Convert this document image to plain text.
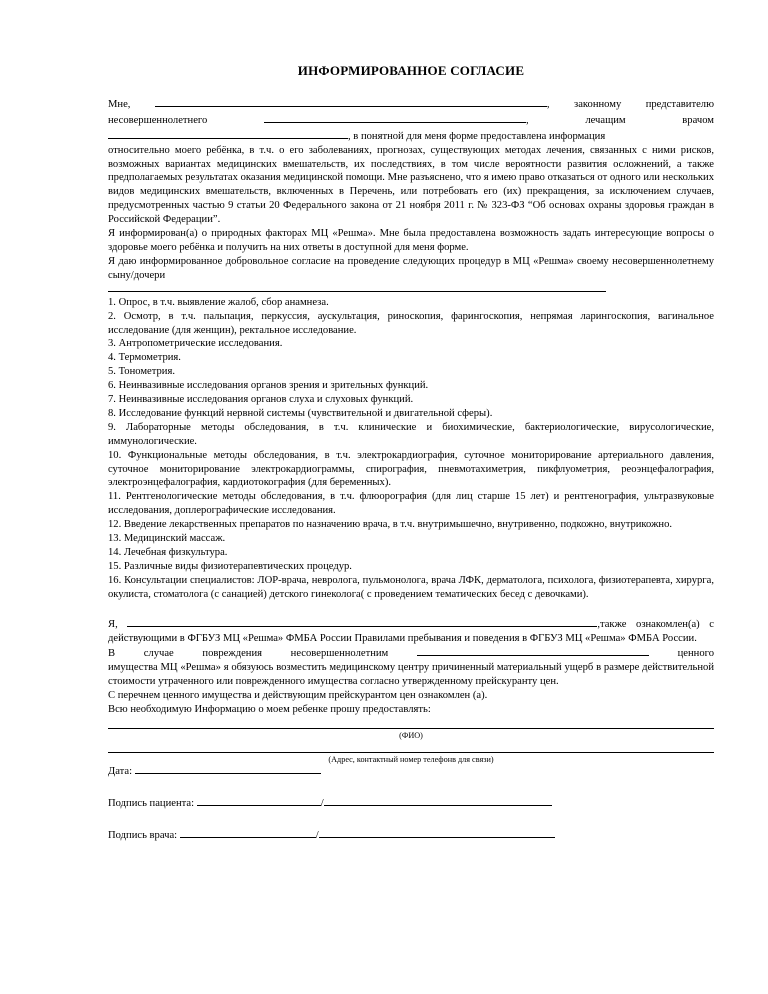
ИНФОРМИРОВАННОЕ СОГЛАСИЕ

Мне,	, законному представителю

несовершеннолетнего	, лечащим врачом

, в понятной для меня форме предоставлена информация

относительно моего ребёнка, в т.ч. о его заболеваниях, прогнозах, существующих методах лечения, связанных с ними рисков, возможных вариантах медицинских вмешательств, их последствиях, в том числе вероятности развития осложнений, а также предполагаемых результатах оказания медицинской помощи. Мне разъяснено, что я имею право отказаться от одного или нескольких видов медицинских вмешательств, включенных в Перечень, или потребовать его (их) прекращения, за исключением случаев, предусмотренных частью 9 статьи 20 Федерального закона от 21 ноября 2011 г. № 323-ФЗ “Об основах охраны здоровья граждан в Российской Федерации”.

Я информирован(а) о природных факторах МЦ «Решма». Мне была предоставлена возможность задать интересующие вопросы о здоровье моего ребёнка и получить на них ответы в доступной для меня форме.

Я даю информированное добровольное согласие на проведение следующих процедур в МЦ «Решма» своему несовершеннолетнему сыну/дочери

1. Опрос, в т.ч. выявление жалоб, сбор анамнеза.

2. Осмотр, в т.ч. пальпация, перкуссия, аускультация, риноскопия, фарингоскопия, непрямая ларингоскопия, вагинальное исследование (для женщин), ректальное исследование.

3. Антропометрические исследования.

4. Термометрия.

5. Тонометрия.

6. Неинвазивные исследования органов зрения и зрительных функций.

7. Неинвазивные исследования органов слуха и слуховых функций.

8. Исследование функций нервной системы (чувствительной и двигательной сферы).

9. Лабораторные методы обследования, в т.ч. клинические и биохимические, бактериологические, вирусологические, иммунологические.

10. Функциональные методы обследования, в т.ч. электрокардиография, суточное мониторирование артериального давления, суточное мониторирование электрокардиограммы, спирография, пневмотахиметрия, пикфлуометрия, реоэнцефалография, электроэнцефалография, кардиотокография (для беременных).

11. Рентгенологические методы обследования, в т.ч. флюорография (для лиц старше 15 лет) и рентгенография, ультразвуковые исследования, доплерографические исследования.

12. Введение лекарственных препаратов по назначению врача, в т.ч. внутримышечно, внутривенно, подкожно, внутрикожно.

13. Медицинский массаж.

14. Лечебная физкультура.

15. Различные виды физиотерапевтических процедур.

16. Консультации специалистов: ЛОР-врача, невролога, пульмонолога, врача ЛФК, дерматолога, психолога, физиотерапевта, хирурга, окулиста, стоматолога (с санацией) детского гинеколога( с проведением тематических бесед с девочками).

Я,	,также ознакомлен(а) с

действующими в ФГБУЗ МЦ «Решма» ФМБА России Правилами пребывания и поведения в ФГБУЗ МЦ «Решма» ФМБА России.

В случае повреждения несовершеннолетним	ценного

имущества МЦ «Решма» я обязуюсь возместить медицинскому центру причиненный материальный ущерб в размере действительной стоимости утраченного или поврежденного имущества согласно утвержденному прейскуранту цен.

С перечнем ценного имущества и действующим прейскурантом цен ознакомлен (а).

Всю необходимую Информацию о моем ребенке прошу предоставлять:

(ФИО)
(Адрес, контактный номер телефонв для связи)

Дата:

Подпись пациента:	/

Подпись врача:	/
